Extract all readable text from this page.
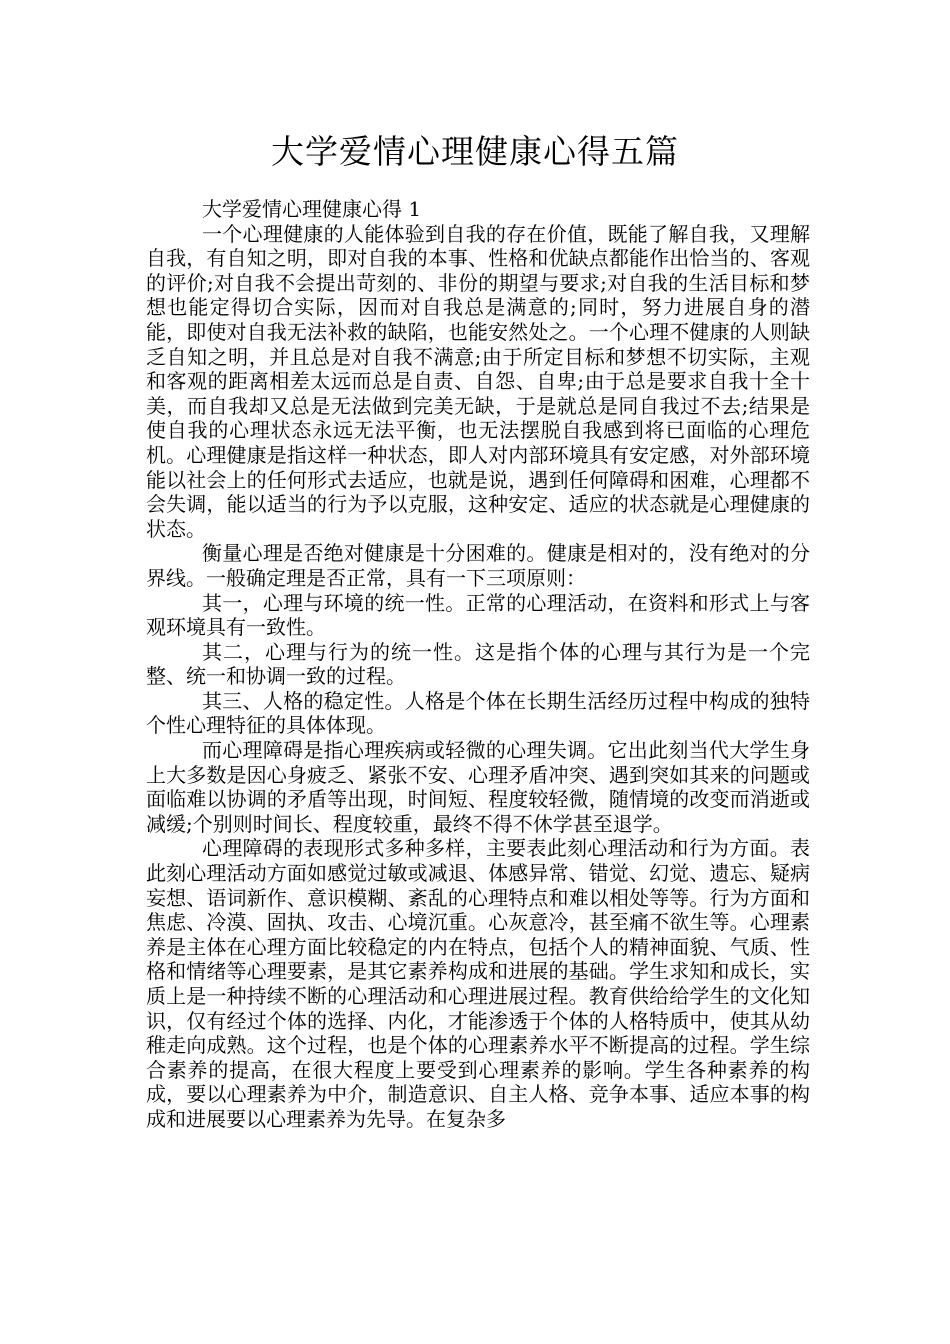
大学爱情心理健康心得五篇

大学爱情心理健康心得 1

一个心理健康的人能体验到自我的存在价值，既能了解自我，又理解自我，有自知之明，即对自我的本事、性格和优缺点都能作出恰当的、客观的评价;对自我不会提出苛刻的、非份的期望与要求;对自我的生活目标和梦想也能定得切合实际，因而对自我总是满意的;同时，努力进展自身的潜能，即使对自我无法补救的缺陷，也能安然处之。一个心理不健康的人则缺乏自知之明，并且总是对自我不满意;由于所定目标和梦想不切实际，主观和客观的距离相差太远而总是自责、自怨、自卑;由于总是要求自我十全十美，而自我却又总是无法做到完美无缺，于是就总是同自我过不去;结果是使自我的心理状态永远无法平衡，也无法摆脱自我感到将已面临的心理危机。心理健康是指这样一种状态，即人对内部环境具有安定感，对外部环境能以社会上的任何形式去适应，也就是说，遇到任何障碍和困难，心理都不会失调，能以适当的行为予以克服，这种安定、适应的状态就是心理健康的状态。

衡量心理是否绝对健康是十分困难的。健康是相对的，没有绝对的分界线。一般确定理是否正常，具有一下三项原则：

其一，心理与环境的统一性。正常的心理活动，在资料和形式上与客观环境具有一致性。

其二，心理与行为的统一性。这是指个体的心理与其行为是一个完整、统一和协调一致的过程。

其三、人格的稳定性。人格是个体在长期生活经历过程中构成的独特个性心理特征的具体体现。

而心理障碍是指心理疾病或轻微的心理失调。它出此刻当代大学生身上大多数是因心身疲乏、紧张不安、心理矛盾冲突、遇到突如其来的问题或面临难以协调的矛盾等出现，时间短、程度较轻微，随情境的改变而消逝或减缓;个别则时间长、程度较重，最终不得不休学甚至退学。

心理障碍的表现形式多种多样，主要表此刻心理活动和行为方面。表此刻心理活动方面如感觉过敏或减退、体感异常、错觉、幻觉、遗忘、疑病妄想、语词新作、意识模糊、紊乱的心理特点和难以相处等等。行为方面和焦虑、冷漠、固执、攻击、心境沉重。心灰意冷，甚至痛不欲生等。心理素养是主体在心理方面比较稳定的内在特点，包括个人的精神面貌、气质、性格和情绪等心理要素，是其它素养构成和进展的基础。学生求知和成长，实质上是一种持续不断的心理活动和心理进展过程。教育供给给学生的文化知识，仅有经过个体的选择、内化，才能渗透于个体的人格特质中，使其从幼稚走向成熟。这个过程，也是个体的心理素养水平不断提高的过程。学生综合素养的提高，在很大程度上要受到心理素养的影响。学生各种素养的构成，要以心理素养为中介，制造意识、自主人格、竞争本事、适应本事的构成和进展要以心理素养为先导。在复杂多
